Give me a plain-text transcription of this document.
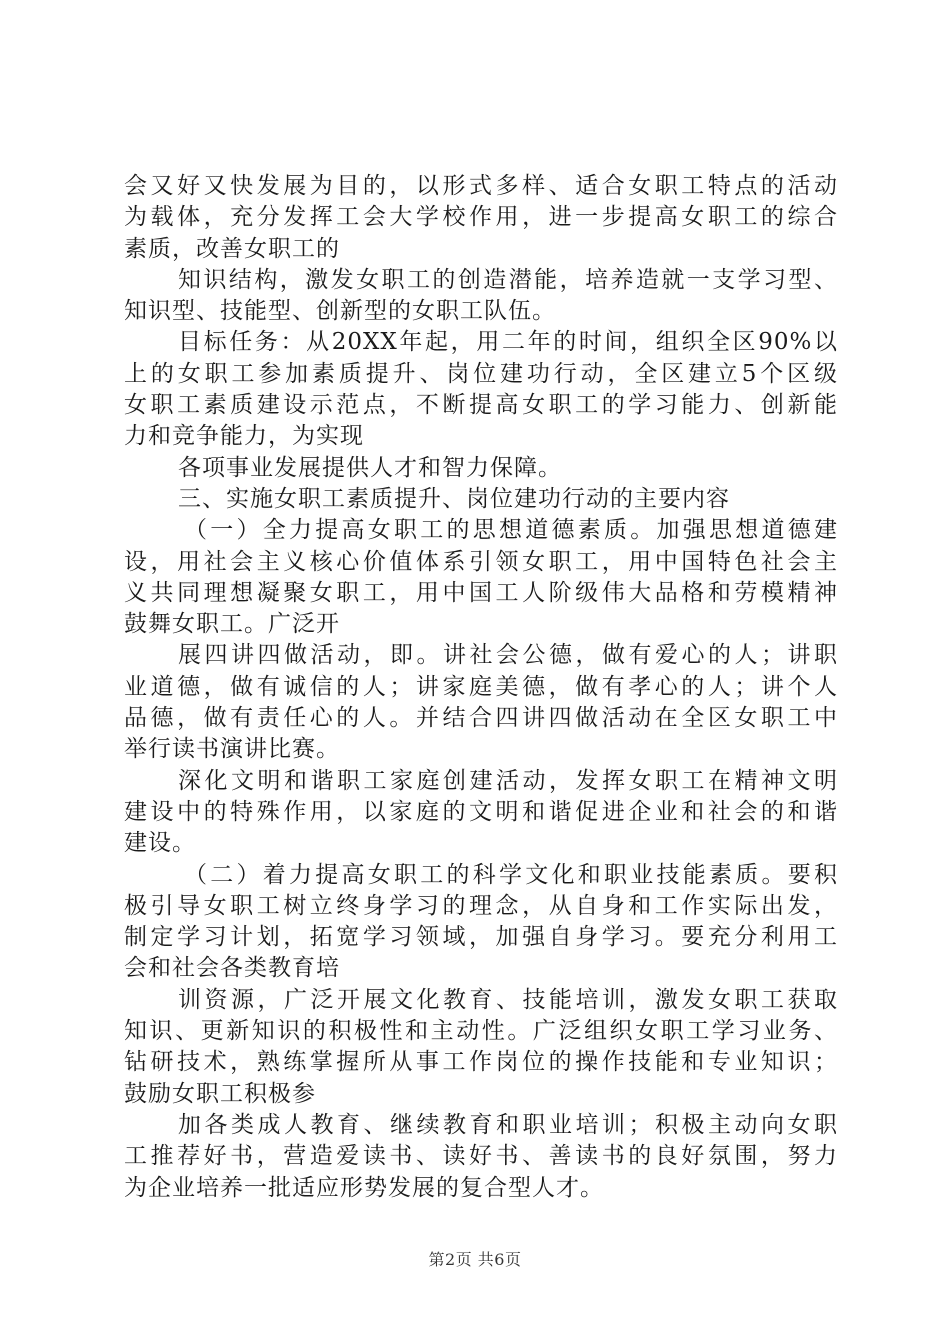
会又好又快发展为目的，以形式多样、适合女职工特点的活动
为载体，充分发挥工会大学校作用，进一步提高女职工的综合
素质，改善女职工的
知识结构，激发女职工的创造潜能，培养造就一支学习型、
知识型、技能型、创新型的女职工队伍。
目标任务：从20XX年起，用二年的时间，组织全区90%以
上的女职工参加素质提升、岗位建功行动，全区建立5个区级
女职工素质建设示范点，不断提高女职工的学习能力、创新能
力和竞争能力，为实现
各项事业发展提供人才和智力保障。
三、实施女职工素质提升、岗位建功行动的主要内容
（一）全力提高女职工的思想道德素质。加强思想道德建
设，用社会主义核心价值体系引领女职工，用中国特色社会主
义共同理想凝聚女职工，用中国工人阶级伟大品格和劳模精神
鼓舞女职工。广泛开
展四讲四做活动，即。讲社会公德，做有爱心的人；讲职
业道德，做有诚信的人；讲家庭美德，做有孝心的人；讲个人
品德，做有责任心的人。并结合四讲四做活动在全区女职工中
举行读书演讲比赛。
深化文明和谐职工家庭创建活动，发挥女职工在精神文明
建设中的特殊作用，以家庭的文明和谐促进企业和社会的和谐
建设。
（二）着力提高女职工的科学文化和职业技能素质。要积
极引导女职工树立终身学习的理念，从自身和工作实际出发，
制定学习计划，拓宽学习领域，加强自身学习。要充分利用工
会和社会各类教育培
训资源，广泛开展文化教育、技能培训，激发女职工获取
知识、更新知识的积极性和主动性。广泛组织女职工学习业务、
钻研技术，熟练掌握所从事工作岗位的操作技能和专业知识；
鼓励女职工积极参
加各类成人教育、继续教育和职业培训；积极主动向女职
工推荐好书，营造爱读书、读好书、善读书的良好氛围，努力
为企业培养一批适应形势发展的复合型人才。
第2页 共6页
